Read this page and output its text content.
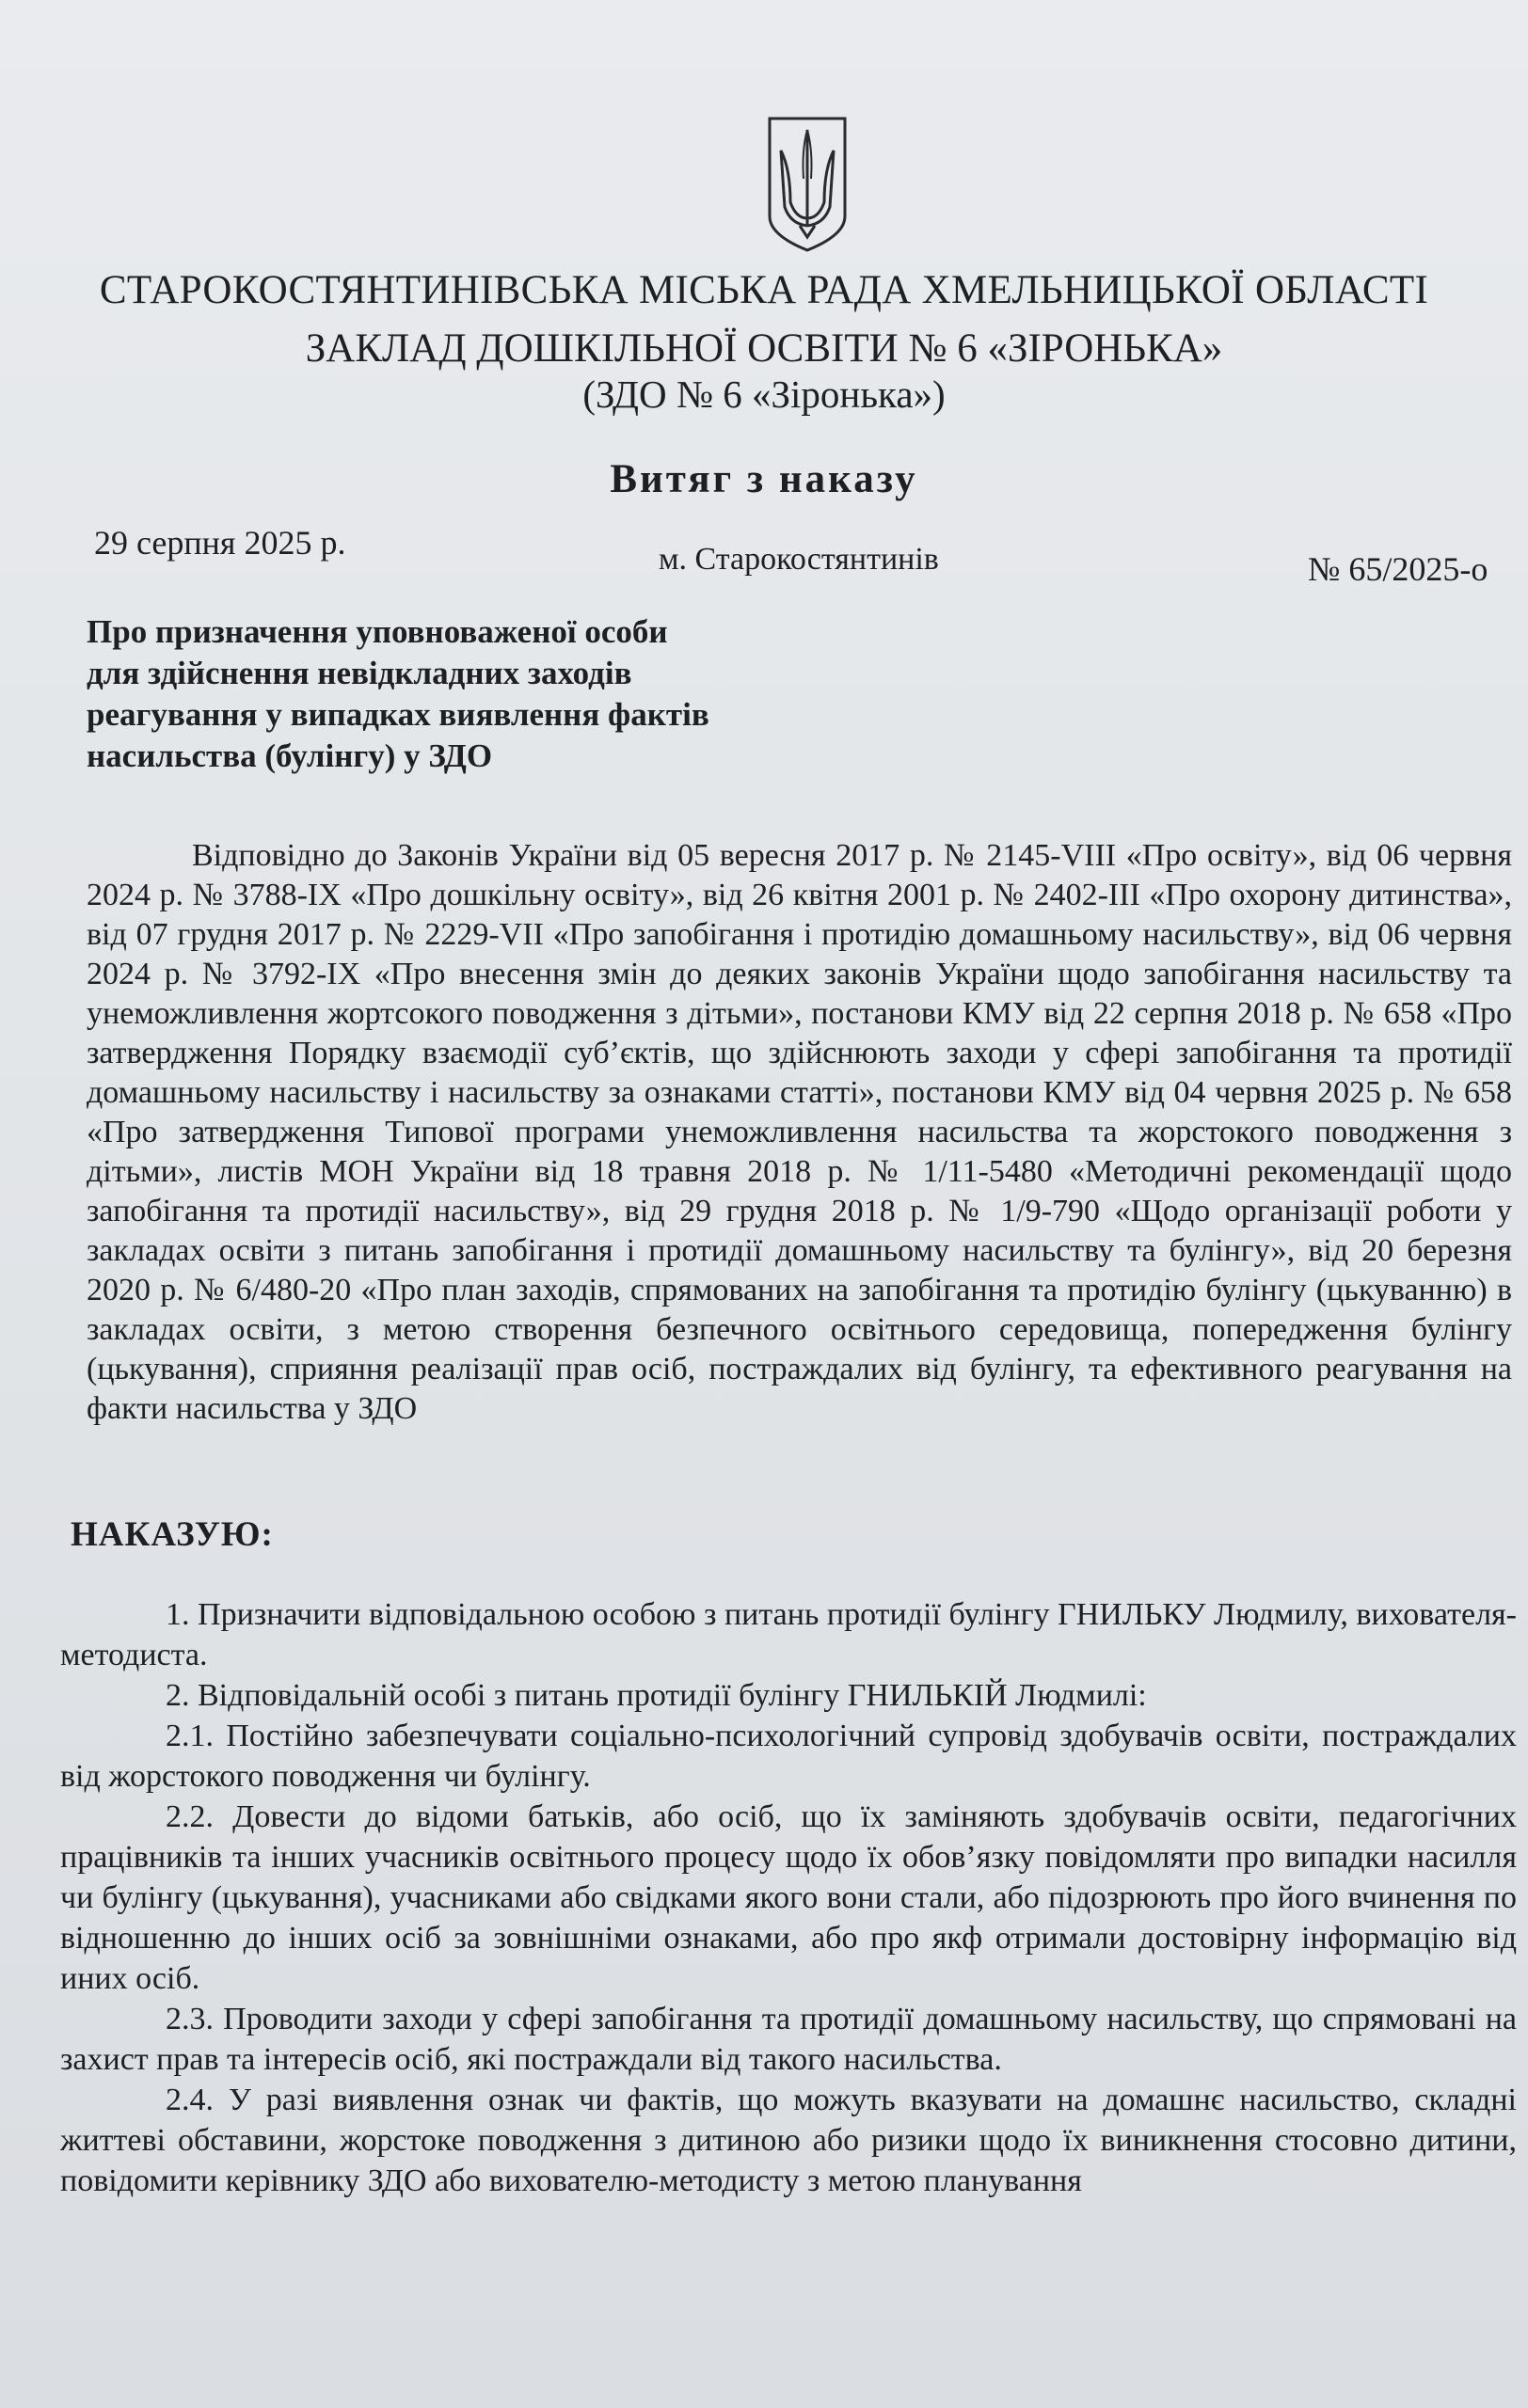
СТАРОКОСТЯНТИНІВСЬКА МІСЬКА РАДА ХМЕЛЬНИЦЬКОЇ ОБЛАСТІ
ЗАКЛАД ДОШКІЛЬНОЇ ОСВІТИ № 6 «ЗІРОНЬКА»
(ЗДО № 6 «Зіронька»)
Витяг з наказу
29 серпня 2025 р.	м. Старокостянтинів	№ 65/2025-о
Про призначення уповноваженої особи
для здійснення невідкладних заходів
реагування у випадках виявлення фактів
насильства (булінгу) у ЗДО

Відповідно до Законів України від 05 вересня 2017 р. № 2145-VIII «Про освіту», від 06 червня 2024 р. № 3788-IX «Про дошкільну освіту», від 26 квітня 2001 р. № 2402-III «Про охорону дитинства», від 07 грудня 2017 р. № 2229-VII «Про запобігання і протидію домашньому насильству», від 06 червня 2024 р. № 3792-IX «Про внесення змін до деяких законів України щодо запобігання насильству та унеможливлення жортсокого поводження з дітьми», постанови КМУ від 22 серпня 2018 р. № 658 «Про затвердження Порядку взаємодії суб’єктів, що здійснюють заходи у сфері запобігання та протидії домашньому насильству і насильству за ознаками статті», постанови КМУ від 04 червня 2025 р. № 658 «Про затвердження Типової програми унеможливлення насильства та жорстокого поводження з дітьми», листів МОН України від 18 травня 2018 р. № 1/11-5480 «Методичні рекомендації щодо запобігання та протидії насильству», від 29 грудня 2018 р. № 1/9-790 «Щодо організації роботи у закладах освіти з питань запобігання і протидії домашньому насильству та булінгу», від 20 березня 2020 р. № 6/480-20 «Про план заходів, спрямованих на запобігання та протидію булінгу (цькуванню) в закладах освіти, з метою створення безпечного освітнього середовища, попередження булінгу (цькування), сприяння реалізації прав осіб, постраждалих від булінгу, та ефективного реагування на факти насильства у ЗДО

НАКАЗУЮ:

1. Призначити відповідальною особою з питань протидії булінгу ГНИЛЬКУ Людмилу, вихователя-методиста.

2. Відповідальній особі з питань протидії булінгу ГНИЛЬКІЙ Людмилі:

2.1. Постійно забезпечувати соціально-психологічний супровід здобувачів освіти, постраждалих від жорстокого поводження чи булінгу.

2.2. Довести до відоми батьків, або осіб, що їх заміняють здобувачів освіти, педагогічних працівників та інших учасників освітнього процесу щодо їх обов’язку повідомляти про випадки насилля чи булінгу (цькування), учасниками або свідками якого вони стали, або підозрюють про його вчинення по відношенню до інших осіб за зовнішніми ознаками, або про якф отримали достовірну інформацію від иних осіб.

2.3. Проводити заходи у сфері запобігання та протидії домашньому насильству, що спрямовані на захист прав та інтересів осіб, які постраждали від такого насильства.

2.4. У разі виявлення ознак чи фактів, що можуть вказувати на домашнє насильство, складні життеві обставини, жорстоке поводження з дитиною або ризики щодо їх виникнення стосовно дитини, повідомити керівнику ЗДО або вихователю-методисту з метою планування
